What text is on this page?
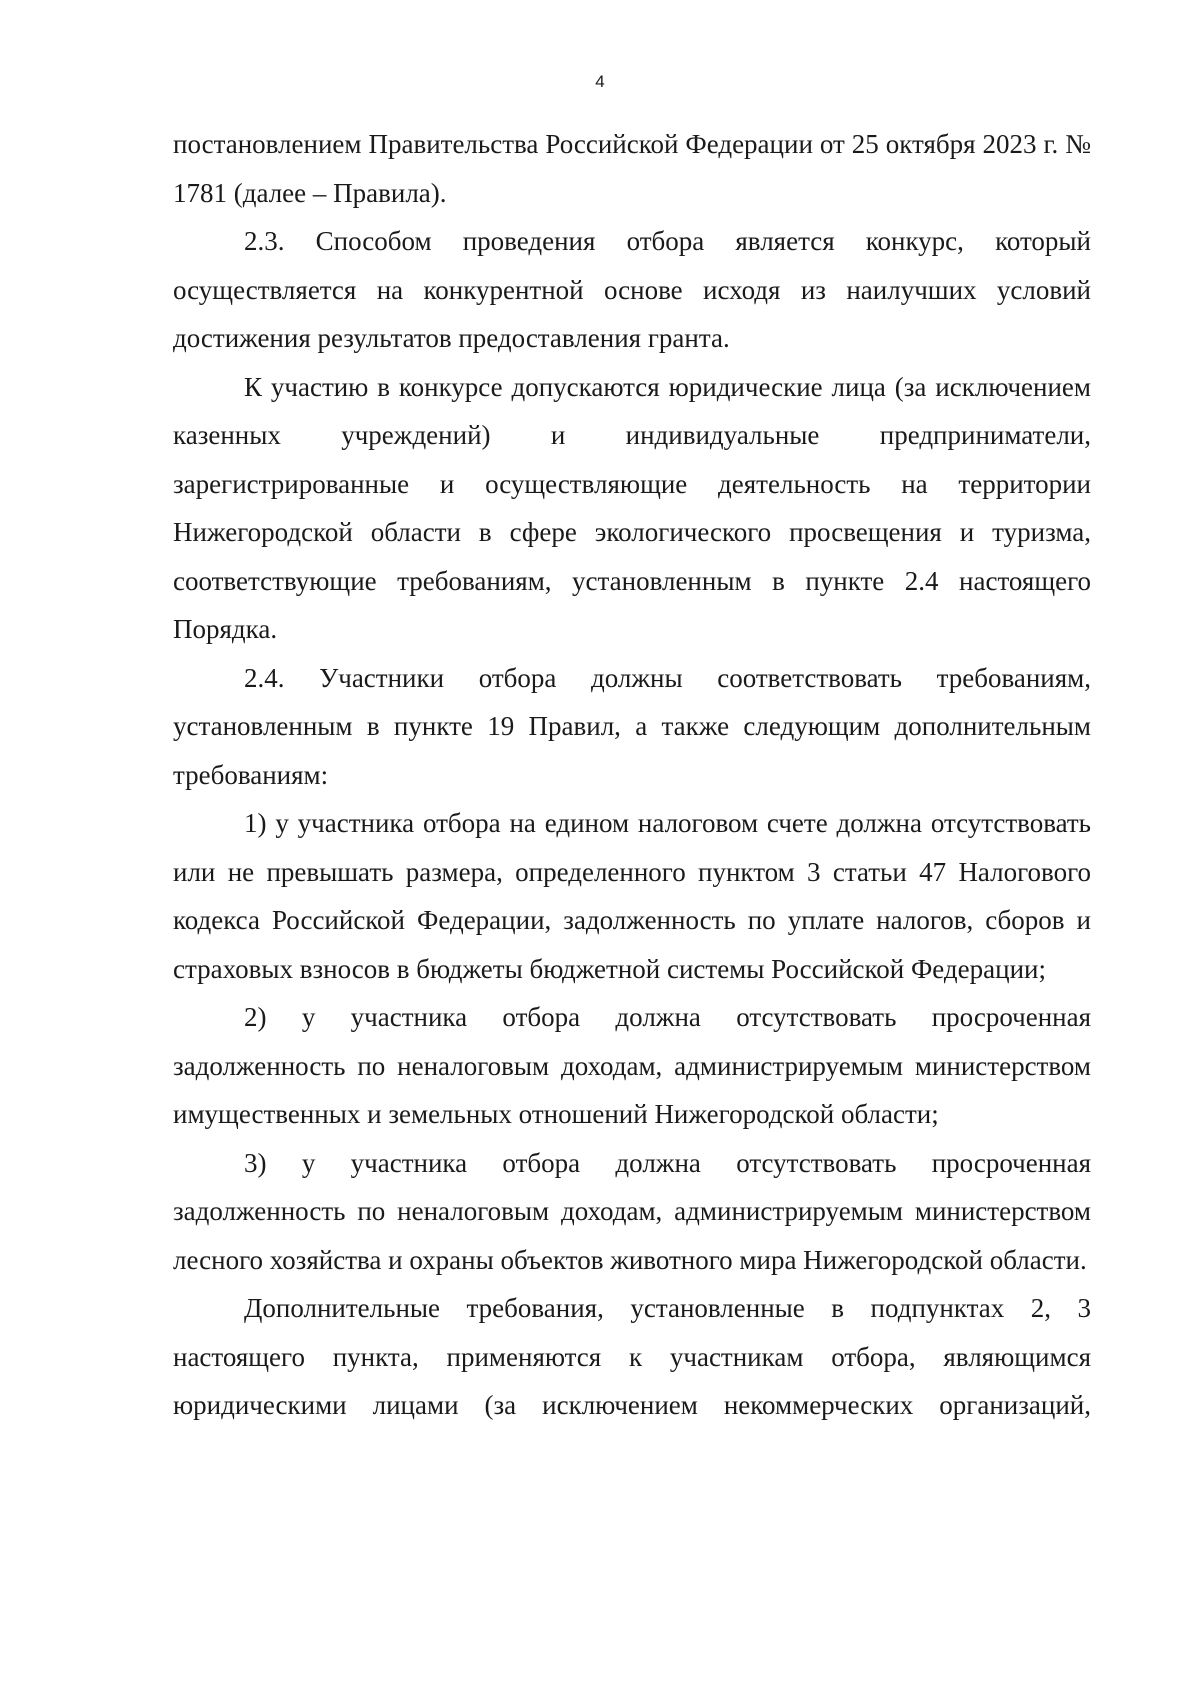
4

постановлением Правительства Российской Федерации от 25 октября 2023 г. № 1781 (далее – Правила).

2.3. Способом проведения отбора является конкурс, который осуществляется на конкурентной основе исходя из наилучших условий достижения результатов предоставления гранта.

К участию в конкурсе допускаются юридические лица (за исключением казенных учреждений) и индивидуальные предприниматели, зарегистрированные и осуществляющие деятельность на территории Нижегородской области в сфере экологического просвещения и туризма, соответствующие требованиям, установленным в пункте 2.4 настоящего Порядка.

2.4. Участники отбора должны соответствовать требованиям, установленным в пункте 19 Правил, а также следующим дополнительным требованиям:

1) у участника отбора на едином налоговом счете должна отсутствовать или не превышать размера, определенного пунктом 3 статьи 47 Налогового кодекса Российской Федерации, задолженность по уплате налогов, сборов и страховых взносов в бюджеты бюджетной системы Российской Федерации;

2) у участника отбора должна отсутствовать просроченная задолженность по неналоговым доходам, администрируемым министерством имущественных и земельных отношений Нижегородской области;

3) у участника отбора должна отсутствовать просроченная задолженность по неналоговым доходам, администрируемым министерством лесного хозяйства и охраны объектов животного мира Нижегородской области.

Дополнительные требования, установленные в подпунктах 2, 3 настоящего пункта, применяются к участникам отбора, являющимся юридическими лицами (за исключением некоммерческих организаций,
